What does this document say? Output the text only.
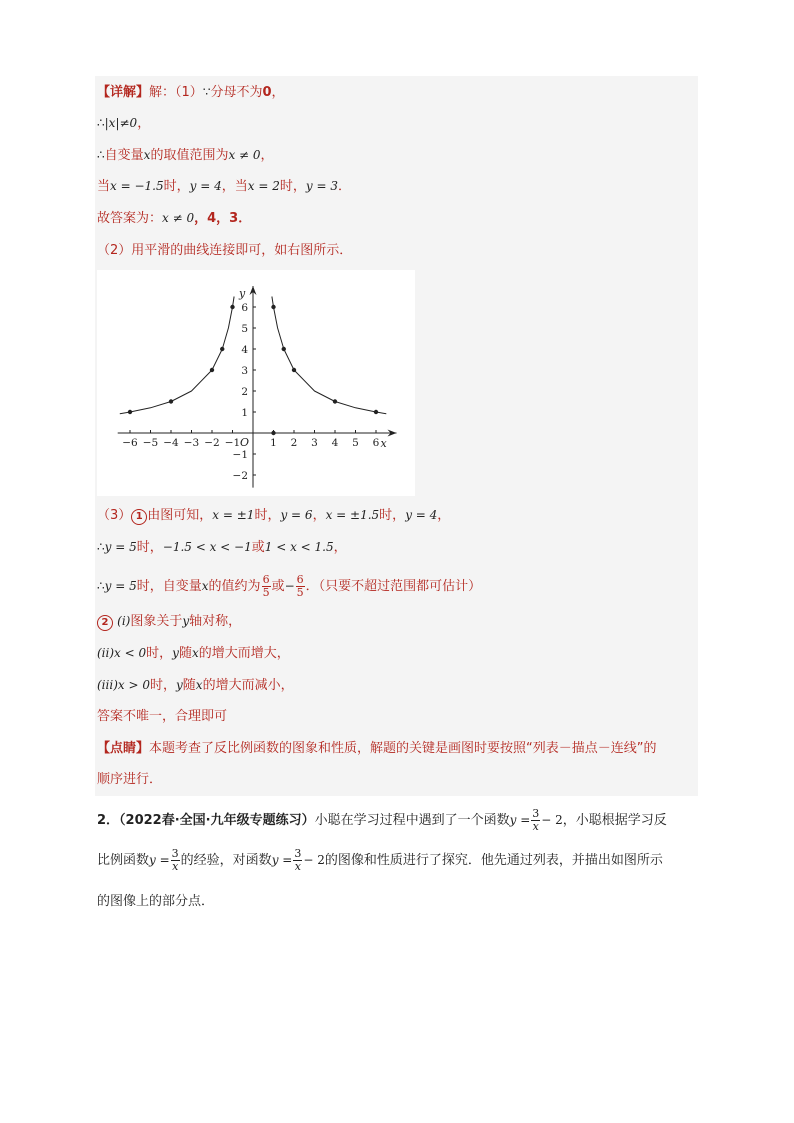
【详解】解：（1）∵分母不为0，
∴|x|≠0，
∴自变量x的取值范围为x ≠ 0，
当x = −1.5时，y = 4，当x = 2时，y = 3．
故答案为：x ≠ 0，4，3．
（2）用平滑的曲线连接即可，如右图所示．
−6 −5 −4 −3 −2 −1	1 2 3 4 5 6
−2
−1
1
2
3
4
5
6
O	x
y
（3） 1 由图可知，x = ±1时，y = 6，x = ±1.5时，y = 4，
∴y = 5时，−1.5 < x < −1或1 < x < 1.5，
∴y = 5时，自变量x的值约为 $\frac{6}{5}$ 或− $\frac{6}{5}$ ．（只要不超过范围都可估计）
2 (i)图象关于y轴对称，
(ii)x < 0时，y随x的增大而增大，
(iii)x > 0时，y随x的增大而减小，
答案不唯一，合理即可
【点睛】本题考查了反比例函数的图象和性质，解题的关键是画图时要按照“列表－描点－连线”的
顺序进行．
2．（2022春·全国·九年级专题练习）小聪在学习过程中遇到了一个函数$y = \frac{3}{x} - 2$，小聪根据学习反
比例函数$y = \frac{3}{x}$ 的经验，对函数$y = \frac{3}{x} - 2$的图像和性质进行了探究．他先通过列表，并描出如图所示
的图像上的部分点．
